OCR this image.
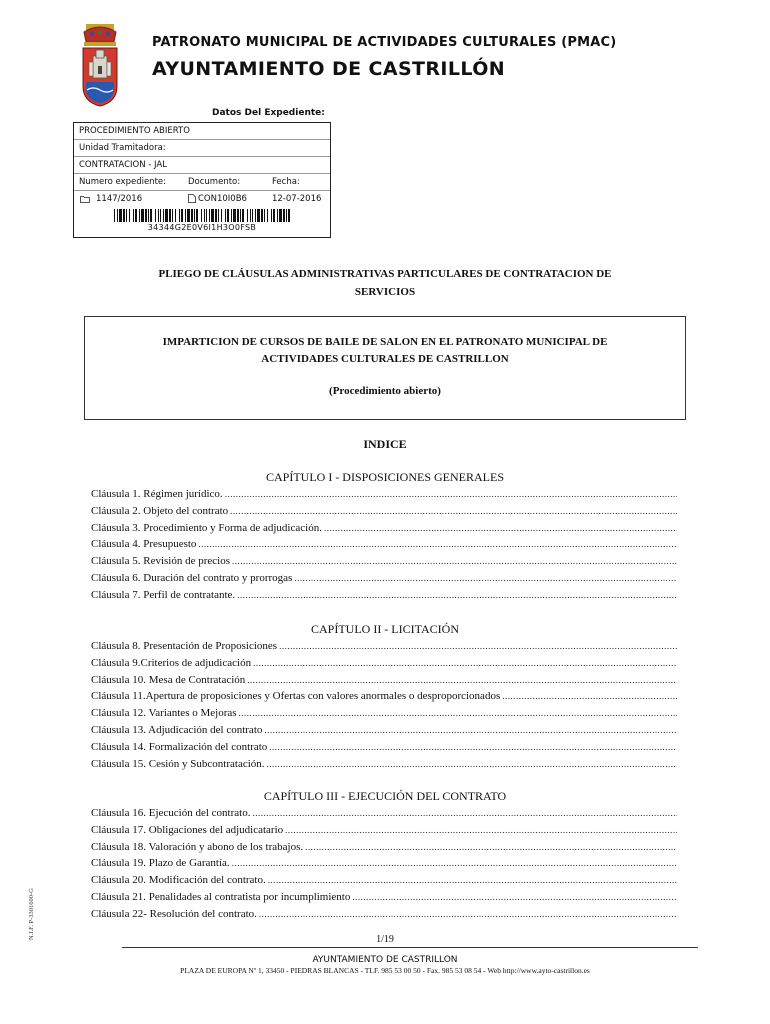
PATRONATO MUNICIPAL DE ACTIVIDADES CULTURALES (PMAC)
AYUNTAMIENTO DE CASTRILLÓN
Datos Del Expediente:
PROCEDIMIENTO ABIERTO
Unidad Tramitadora:
CONTRATACION - JAL
Numero expediente:	Documento:	Fecha:
1147/2016	CON10I0B6	12-07-2016
34344G2E0V6I1H3O0FSB
PLIEGO DE CLÁUSULAS ADMINISTRATIVAS PARTICULARES DE CONTRATACION DE
SERVICIOS
IMPARTICION DE CURSOS DE BAILE DE SALON EN EL PATRONATO MUNICIPAL DE
ACTIVIDADES CULTURALES DE CASTRILLON
(Procedimiento abierto)
INDICE
CAPÍTULO I - DISPOSICIONES GENERALES
Cláusula 1. Régimen jurídico. .....
Cláusula 2. Objeto del contrato .....
Cláusula 3. Procedimiento y Forma de adjudicación. .....
Cláusula 4. Presupuesto .....
Cláusula 5. Revisión de precios .....
Cláusula 6. Duración del contrato y prorrogas .....
Cláusula 7. Perfil de contratante. .....
CAPÍTULO II - LICITACIÓN
Cláusula 8. Presentación de Proposiciones .....
Cláusula 9.Criterios de adjudicación .....
Cláusula 10. Mesa de Contratación .....
Cláusula 11.Apertura de proposiciones y Ofertas con valores anormales o desproporcionados .....
Cláusula 12. Variantes o Mejoras .....
Cláusula 13. Adjudicación del contrato .....
Cláusula 14. Formalización del contrato .....
Cláusula 15. Cesión y Subcontratación. .....
CAPÍTULO III - EJECUCIÓN DEL CONTRATO
Cláusula 16. Ejecución del contrato. .....
Cláusula 17. Obligaciones del adjudicatario .....
Cláusula 18. Valoración y abono de los trabajos. .....
Cláusula 19. Plazo de Garantía. .....
Cláusula 20. Modificación del contrato. .....
Cláusula 21. Penalidades al contratista por incumplimiento .....
Cláusula 22- Resolución del contrato. .....
N.I.F. P-3301600-G	1/19
AYUNTAMIENTO DE CASTRILLON
PLAZA DE EUROPA Nº 1, 33450 - PIEDRAS BLANCAS - TLF. 985 53 00 50 - Fax. 985 53 08 54 - Web http://www.ayto-castrillon.es
